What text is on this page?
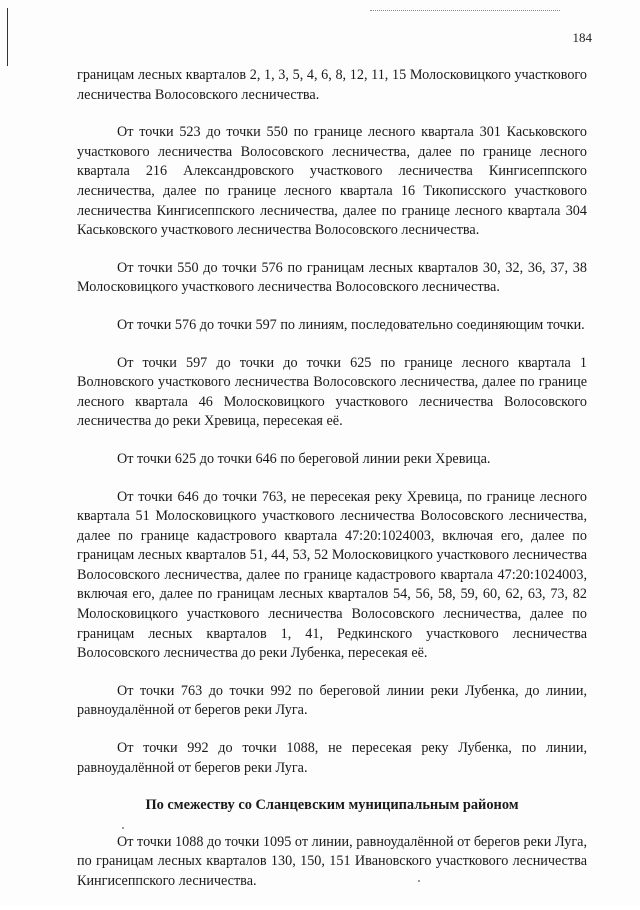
184

границам лесных кварталов 2, 1, 3, 5, 4, 6, 8, 12, 11, 15 Молосковицкого участкового лесничества Волосовского лесничества.

От точки 523 до точки 550 по границе лесного квартала 301 Каськовского участкового лесничества Волосовского лесничества, далее по границе лесного квартала 216 Александровского участкового лесничества Кингисеппского лесничества, далее по границе лесного квартала 16 Тикописского участкового лесничества Кингисеппского лесничества, далее по границе лесного квартала 304 Каськовского участкового лесничества Волосовского лесничества.

От точки 550 до точки 576 по границам лесных кварталов 30, 32, 36, 37, 38 Молосковицкого участкового лесничества Волосовского лесничества.

От точки 576 до точки 597 по линиям, последовательно соединяющим точки.

От точки 597 до точки до точки 625 по границе лесного квартала 1 Волновского участкового лесничества Волосовского лесничества, далее по границе лесного квартала 46 Молосковицкого участкового лесничества Волосовского лесничества до реки Хревица, пересекая её.

От точки 625 до точки 646 по береговой линии реки Хревица.

От точки 646 до точки 763, не пересекая реку Хревица, по границе лесного квартала 51 Молосковицкого участкового лесничества Волосовского лесничества, далее по границе кадастрового квартала 47:20:1024003, включая его, далее по границам лесных кварталов 51, 44, 53, 52 Молосковицкого участкового лесничества Волосовского лесничества, далее по границе кадастрового квартала 47:20:1024003, включая его, далее по границам лесных кварталов 54, 56, 58, 59, 60, 62, 63, 73, 82 Молосковицкого участкового лесничества Волосовского лесничества, далее по границам лесных кварталов 1, 41, Редкинского участкового лесничества Волосовского лесничества до реки Лубенка, пересекая её.

От точки 763 до точки 992 по береговой линии реки Лубенка, до линии, равноудалённой от берегов реки Луга.

От точки 992 до точки 1088, не пересекая реку Лубенка, по линии, равноудалённой от берегов реки Луга.

По смежеству со Сланцевским муниципальным районом

От точки 1088 до точки 1095 от линии, равноудалённой от берегов реки Луга, по границам лесных кварталов 130, 150, 151 Ивановского участкового лесничества Кингисеппского лесничества.
